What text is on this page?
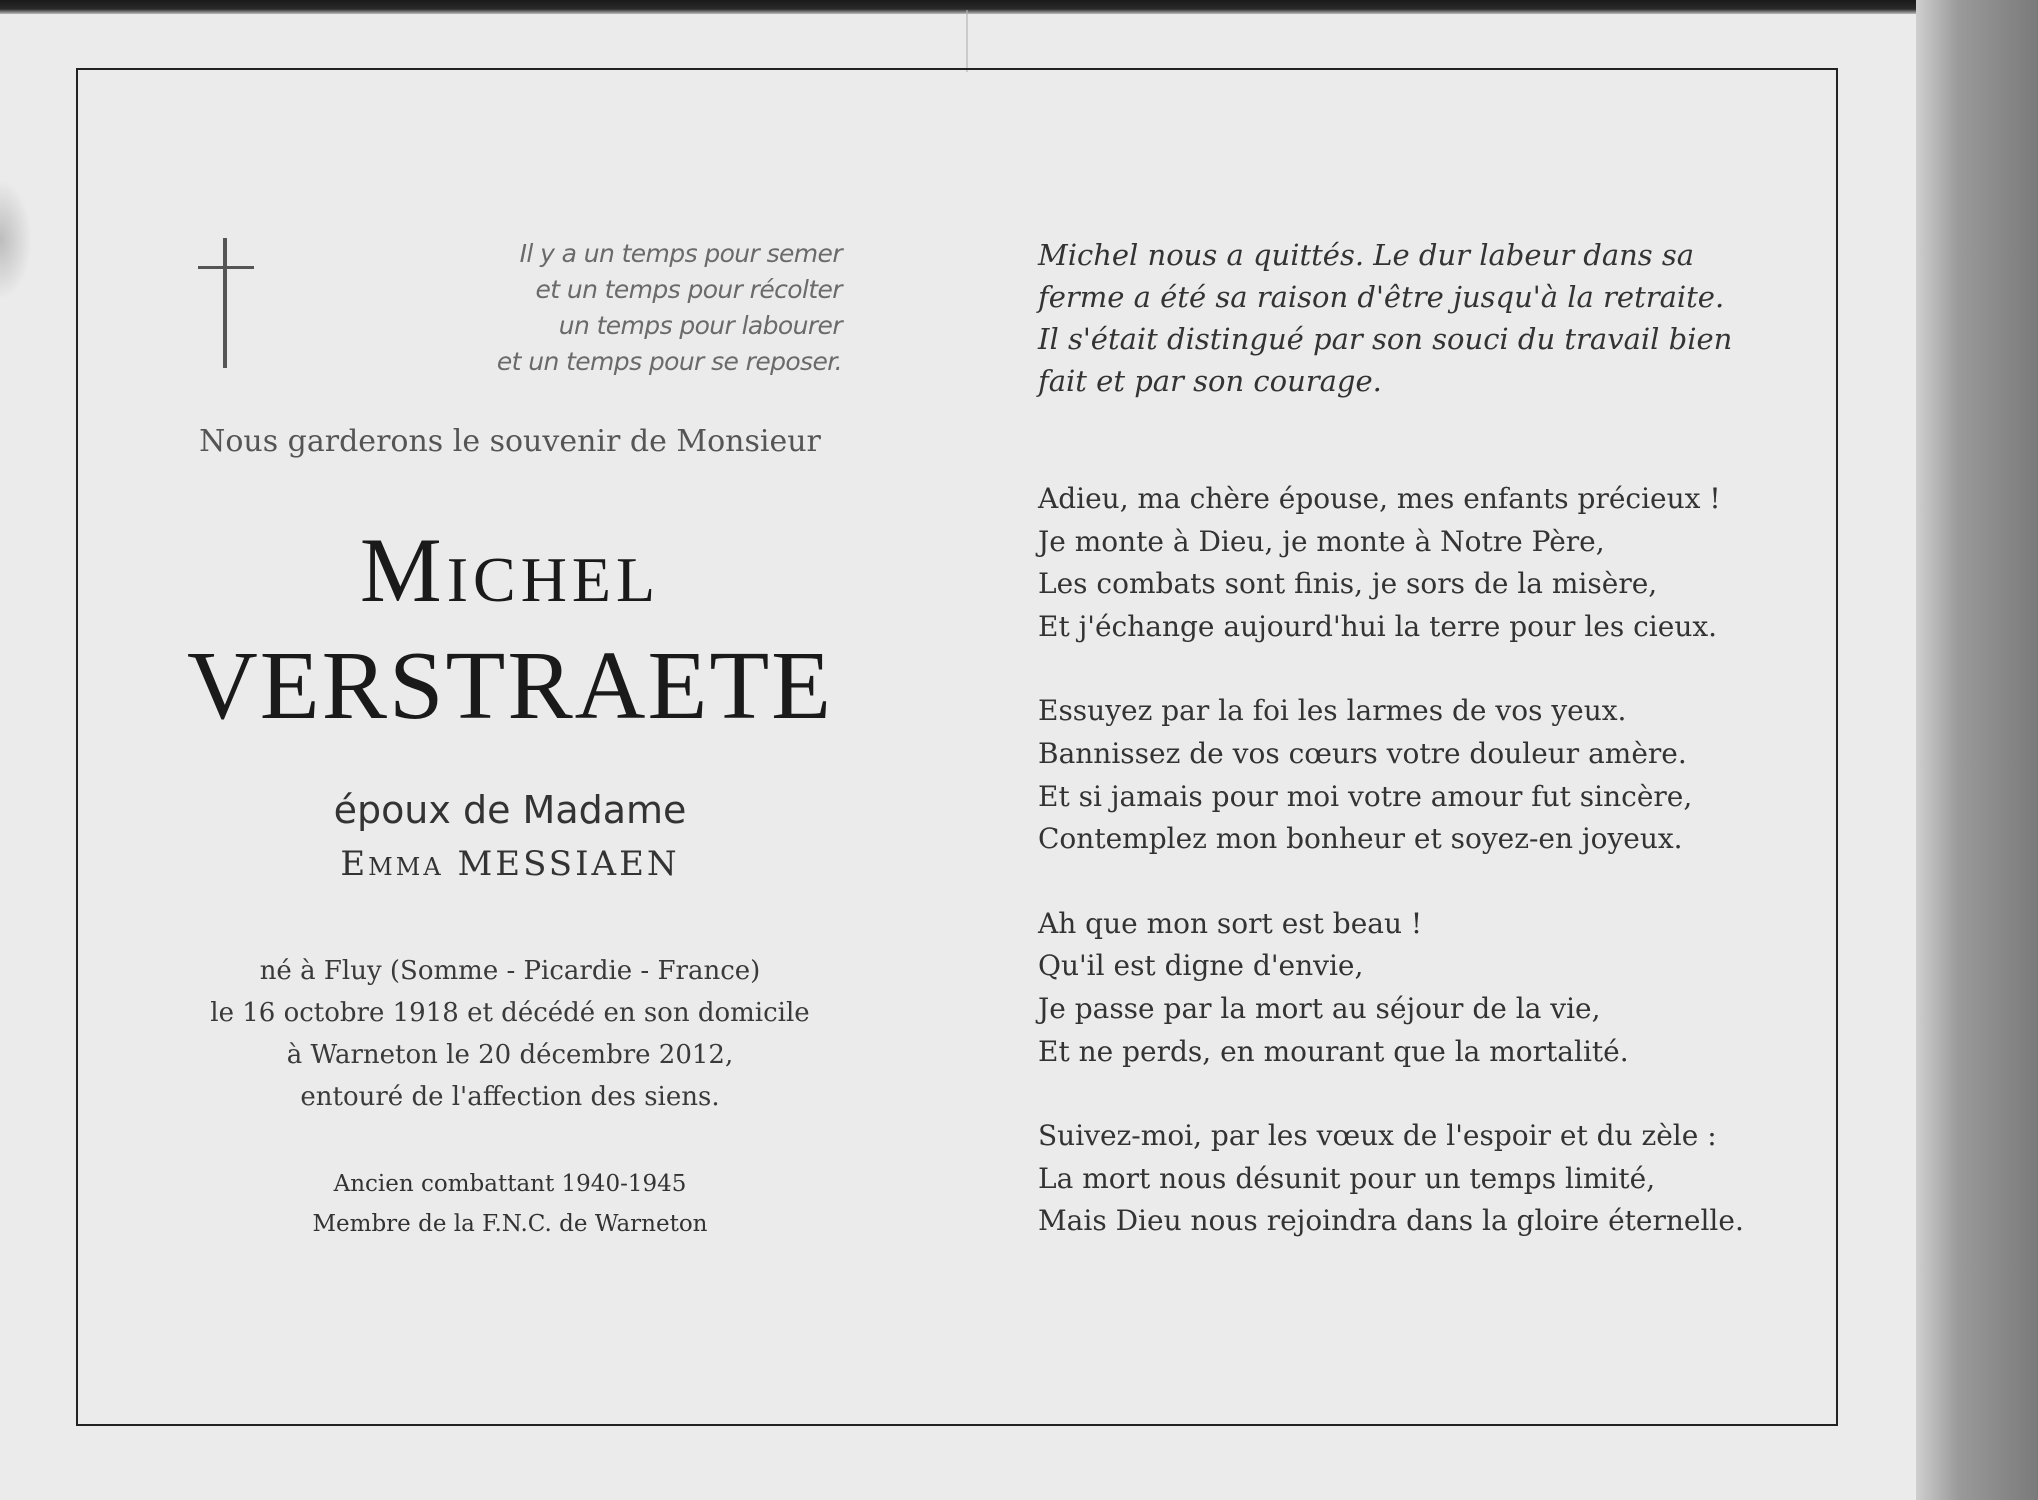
Il y a un temps pour semer
et un temps pour récolter
un temps pour labourer
et un temps pour se reposer.
Nous garderons le souvenir de Monsieur
Michel
VERSTRAETE
époux de Madame
Emma MESSIAEN
né à Fluy (Somme - Picardie - France)
le 16 octobre 1918 et décédé en son domicile
à Warneton le 20 décembre 2012,
entouré de l'affection des siens.
Ancien combattant 1940-1945
Membre de la F.N.C. de Warneton
Michel nous a quittés. Le dur labeur dans sa
ferme a été sa raison d'être jusqu'à la retraite.
Il s'était distingué par son souci du travail bien
fait et par son courage.
Adieu, ma chère épouse, mes enfants précieux !
Je monte à Dieu, je monte à Notre Père,
Les combats sont finis, je sors de la misère,
Et j'échange aujourd'hui la terre pour les cieux.
Essuyez par la foi les larmes de vos yeux.
Bannissez de vos cœurs votre douleur amère.
Et si jamais pour moi votre amour fut sincère,
Contemplez mon bonheur et soyez-en joyeux.
Ah que mon sort est beau !
Qu'il est digne d'envie,
Je passe par la mort au séjour de la vie,
Et ne perds, en mourant que la mortalité.
Suivez-moi, par les vœux de l'espoir et du zèle :
La mort nous désunit pour un temps limité,
Mais Dieu nous rejoindra dans la gloire éternelle.
